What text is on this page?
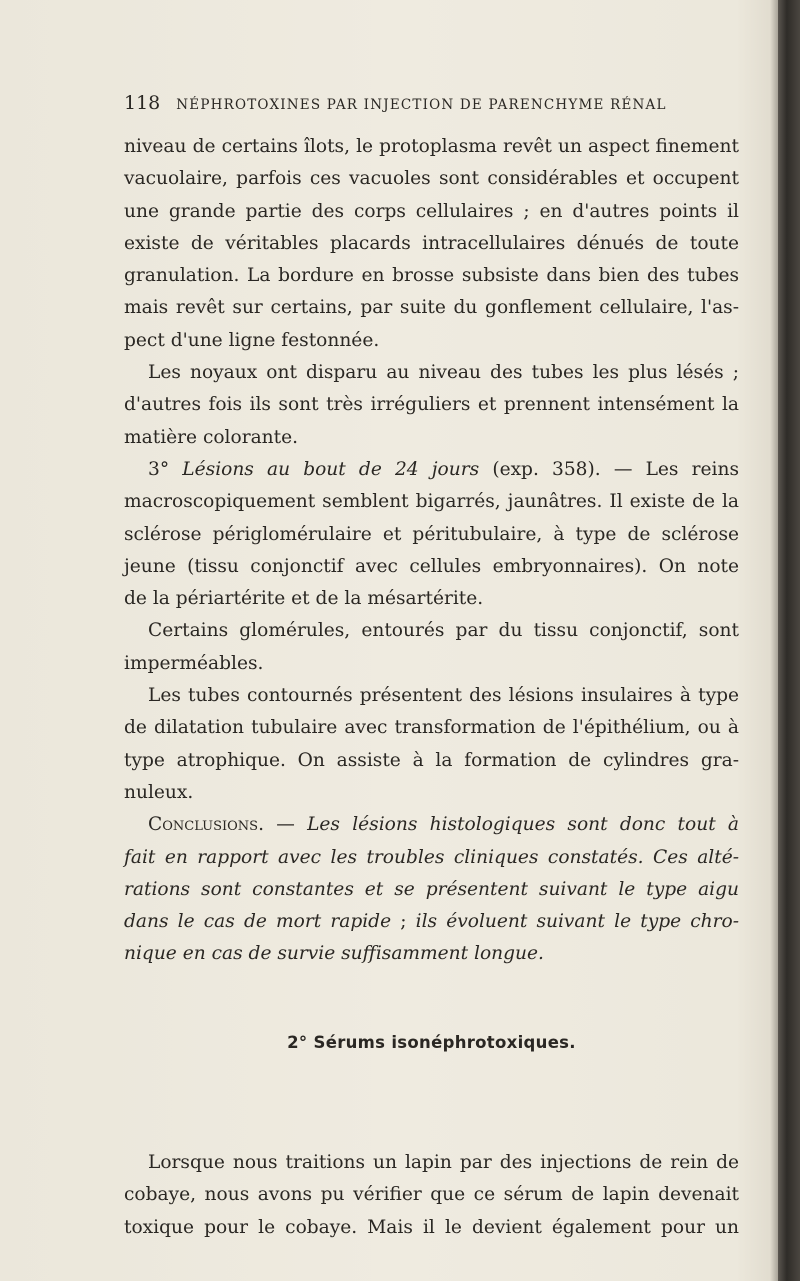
118 NÉPHROTOXINES PAR INJECTION DE PARENCHYME RÉNAL
niveau de certains îlots, le protoplasma revêt un aspect finement
vacuolaire, parfois ces vacuoles sont considérables et occupent
une grande partie des corps cellulaires ; en d'autres points il
existe de véritables placards intracellulaires dénués de toute
granulation. La bordure en brosse subsiste dans bien des tubes
mais revêt sur certains, par suite du gonflement cellulaire, l'as-
pect d'une ligne festonnée.
Les noyaux ont disparu au niveau des tubes les plus lésés ;
d'autres fois ils sont très irréguliers et prennent intensément la
matière colorante.
3° Lésions au bout de 24 jours (exp. 358). — Les reins
macroscopiquement semblent bigarrés, jaunâtres. Il existe de la
sclérose périglomérulaire et péritubulaire, à type de sclérose
jeune (tissu conjonctif avec cellules embryonnaires). On note
de la périartérite et de la mésartérite.
Certains glomérules, entourés par du tissu conjonctif, sont
imperméables.
Les tubes contournés présentent des lésions insulaires à type
de dilatation tubulaire avec transformation de l'épithélium, ou à
type atrophique. On assiste à la formation de cylindres gra-
nuleux.
Conclusions. — Les lésions histologiques sont donc tout à
fait en rapport avec les troubles cliniques constatés. Ces alté-
rations sont constantes et se présentent suivant le type aigu
dans le cas de mort rapide ; ils évoluent suivant le type chro-
nique en cas de survie suffisamment longue.
2° Sérums isonéphrotoxiques.
Lorsque nous traitions un lapin par des injections de rein de
cobaye, nous avons pu vérifier que ce sérum de lapin devenait
toxique pour le cobaye. Mais il le devient également pour un
